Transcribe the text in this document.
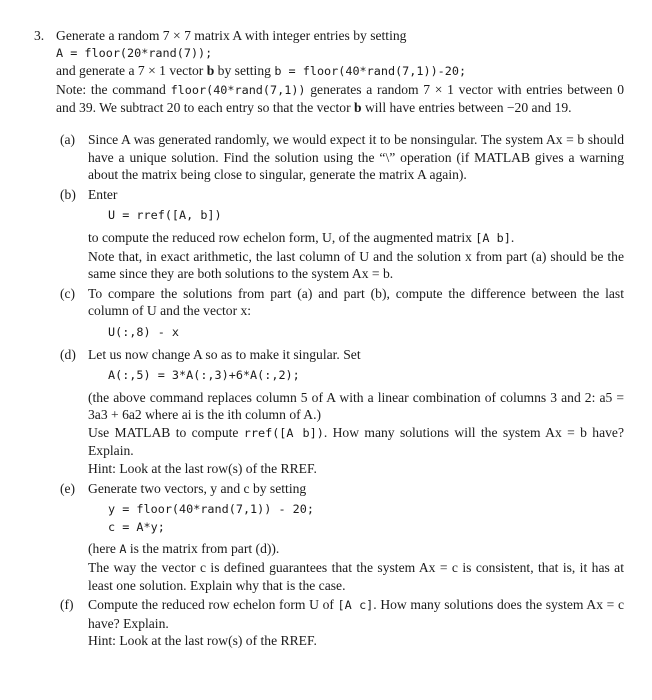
3. Generate a random 7 × 7 matrix A with integer entries by setting
A = floor(20*rand(7));
and generate a 7 × 1 vector b by setting b = floor(40*rand(7,1))-20;
Note: the command floor(40*rand(7,1)) generates a random 7 × 1 vector with entries between 0 and 39. We subtract 20 to each entry so that the vector b will have entries between −20 and 19.
(a) Since A was generated randomly, we would expect it to be nonsingular. The system Ax = b should have a unique solution. Find the solution using the “\” operation (if MATLAB gives a warning about the matrix being close to singular, generate the matrix A again).
(b) Enter
U = rref([A, b])
to compute the reduced row echelon form, U, of the augmented matrix [A b].
Note that, in exact arithmetic, the last column of U and the solution x from part (a) should be the same since they are both solutions to the system Ax = b.
(c) To compare the solutions from part (a) and part (b), compute the difference between the last column of U and the vector x:
U(:,8) - x
(d) Let us now change A so as to make it singular. Set
A(:,5) = 3*A(:,3)+6*A(:,2);
(the above command replaces column 5 of A with a linear combination of columns 3 and 2: a5 = 3a3 + 6a2 where ai is the ith column of A.)
Use MATLAB to compute rref([A b]). How many solutions will the system Ax = b have? Explain.
Hint: Look at the last row(s) of the RREF.
(e) Generate two vectors, y and c by setting
y = floor(40*rand(7,1)) - 20;
c = A*y;
(here A is the matrix from part (d)).
The way the vector c is defined guarantees that the system Ax = c is consistent, that is, it has at least one solution. Explain why that is the case.
(f) Compute the reduced row echelon form U of [A c]. How many solutions does the system Ax = c have? Explain.
Hint: Look at the last row(s) of the RREF.
